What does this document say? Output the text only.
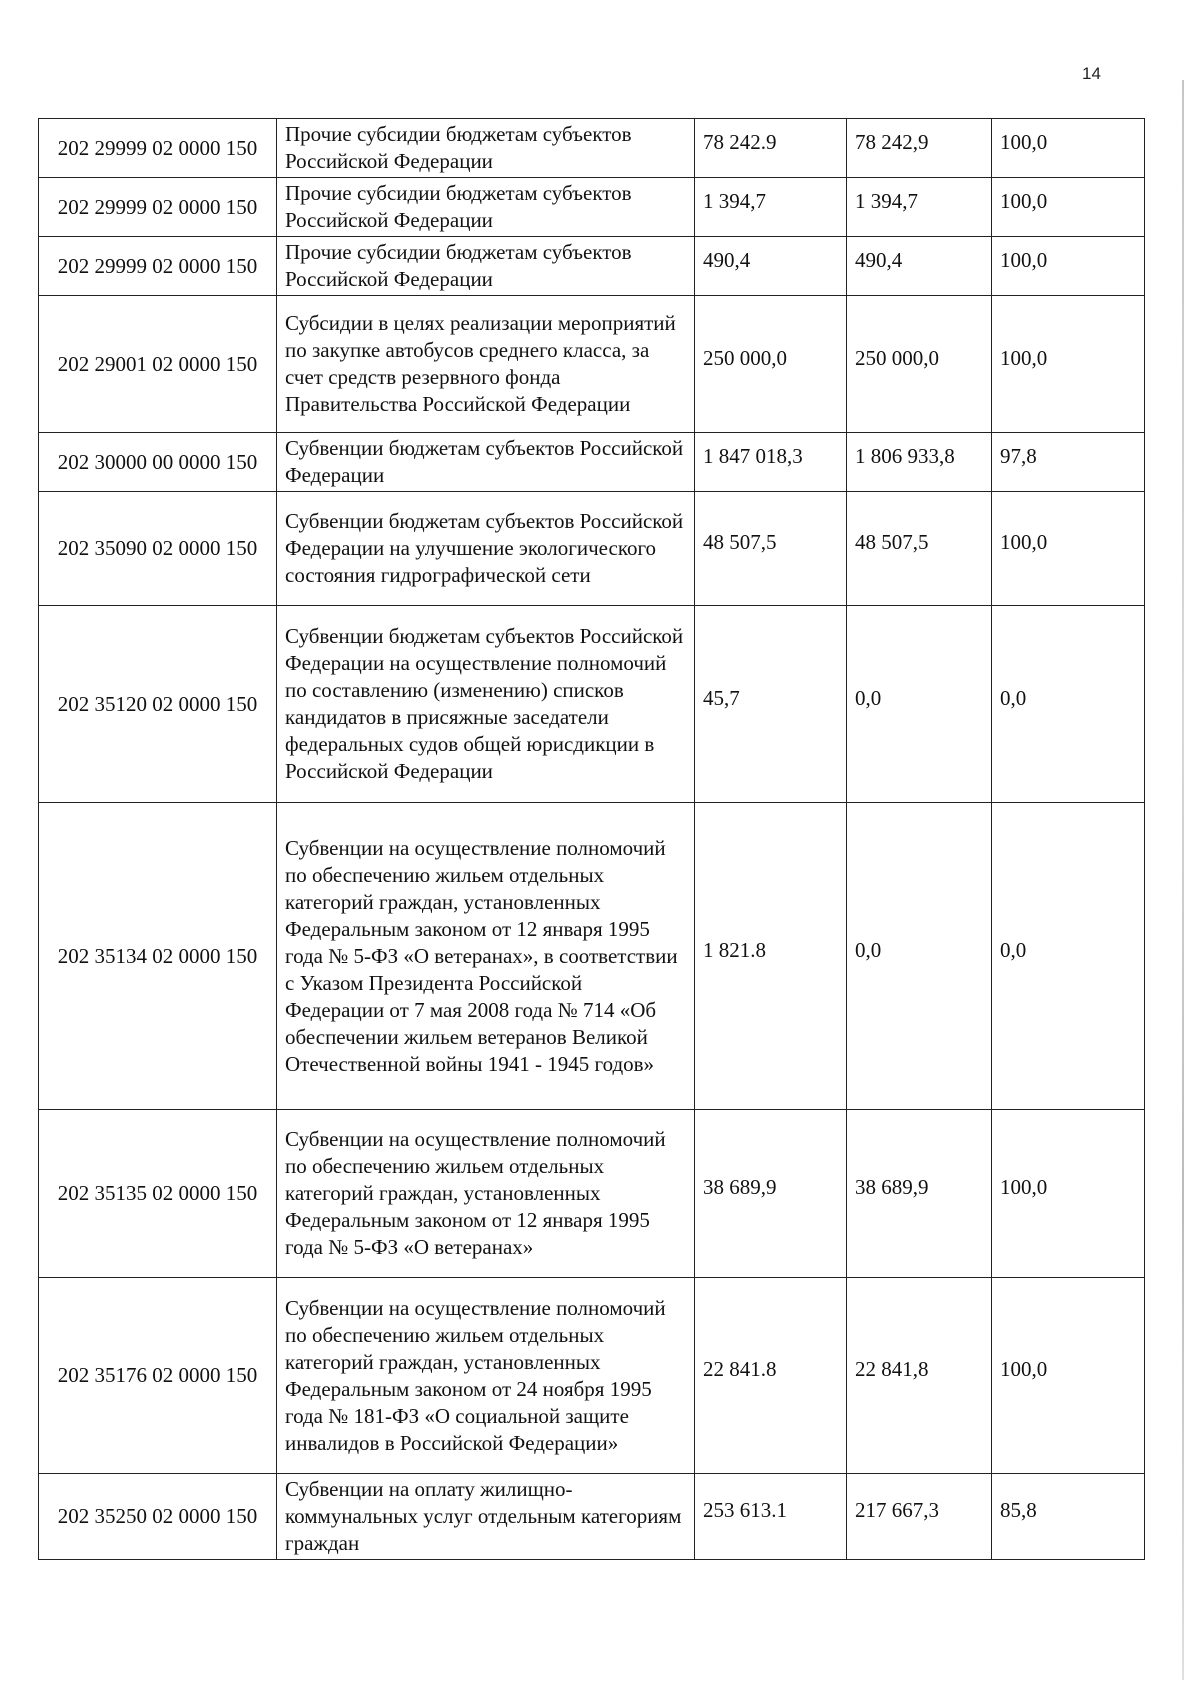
14
202 29999 02 0000 150	Прочие субсидии бюджетам субъектов Российской Федерации	78 242.9	78 242,9	100,0
202 29999 02 0000 150	Прочие субсидии бюджетам субъектов Российской Федерации	1 394,7	1 394,7	100,0
202 29999 02 0000 150	Прочие субсидии бюджетам субъектов Российской Федерации	490,4	490,4	100,0
202 29001 02 0000 150	Субсидии в целях реализации мероприятий по закупке автобусов среднего класса, за счет средств резервного фонда Правительства Российской Федерации	250 000,0	250 000,0	100,0
202 30000 00 0000 150	Субвенции бюджетам субъектов Российской Федерации	1 847 018,3	1 806 933,8	97,8
202 35090 02 0000 150	Субвенции бюджетам субъектов Российской Федерации на улучшение экологического состояния гидрографической сети	48 507,5	48 507,5	100,0
202 35120 02 0000 150	Субвенции бюджетам субъектов Российской Федерации на осуществление полномочий по составлению (изменению) списков кандидатов в присяжные заседатели федеральных судов общей юрисдикции в Российской Федерации	45,7	0,0	0,0
202 35134 02 0000 150	Субвенции на осуществление полномочий по обеспечению жильем отдельных категорий граждан, установленных Федеральным законом от 12 января 1995 года № 5-ФЗ «О ветеранах», в соответствии с Указом Президента Российской Федерации от 7 мая 2008 года № 714 «Об обеспечении жильем ветеранов Великой Отечественной войны 1941 - 1945 годов»	1 821.8	0,0	0,0
202 35135 02 0000 150	Субвенции на осуществление полномочий по обеспечению жильем отдельных категорий граждан, установленных Федеральным законом от 12 января 1995 года № 5-ФЗ «О ветеранах»	38 689,9	38 689,9	100,0
202 35176 02 0000 150	Субвенции на осуществление полномочий по обеспечению жильем отдельных категорий граждан, установленных Федеральным законом от 24 ноября 1995 года № 181-ФЗ «О социальной защите инвалидов в Российской Федерации»	22 841.8	22 841,8	100,0
202 35250 02 0000 150	Субвенции на оплату жилищно-коммунальных услуг отдельным категориям граждан	253 613.1	217 667,3	85,8
